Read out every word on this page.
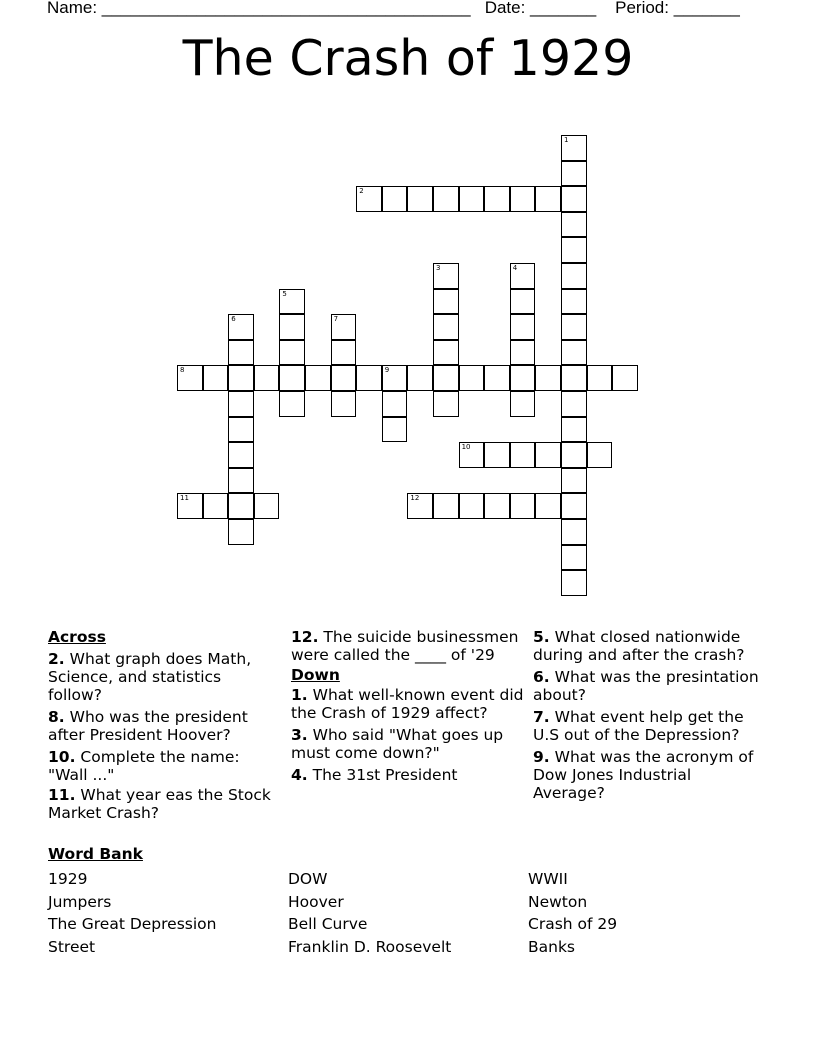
Name: _______________________________________   Date: _______    Period: _______
The Crash of 1929
1
2
3	4
5
6	7
8	9
10
11	12
Across
2. What graph does Math, Science, and statistics follow?
8. Who was the president after President Hoover?
10. Complete the name: "Wall ..."
11. What year eas the Stock Market Crash?
12. The suicide businessmen were called the ____ of '29
Down
1. What well-known event did the Crash of 1929 affect?
3. Who said "What goes up must come down?"
4. The 31st President
5. What closed nationwide during and after the crash?
6. What was the presintation about?
7. What event help get the U.S out of the Depression?
9. What was the acronym of Dow Jones Industrial Average?
Word Bank
1929
Jumpers
The Great Depression
Street
DOW
Hoover
Bell Curve
Franklin D. Roosevelt
WWII
Newton
Crash of 29
Banks
